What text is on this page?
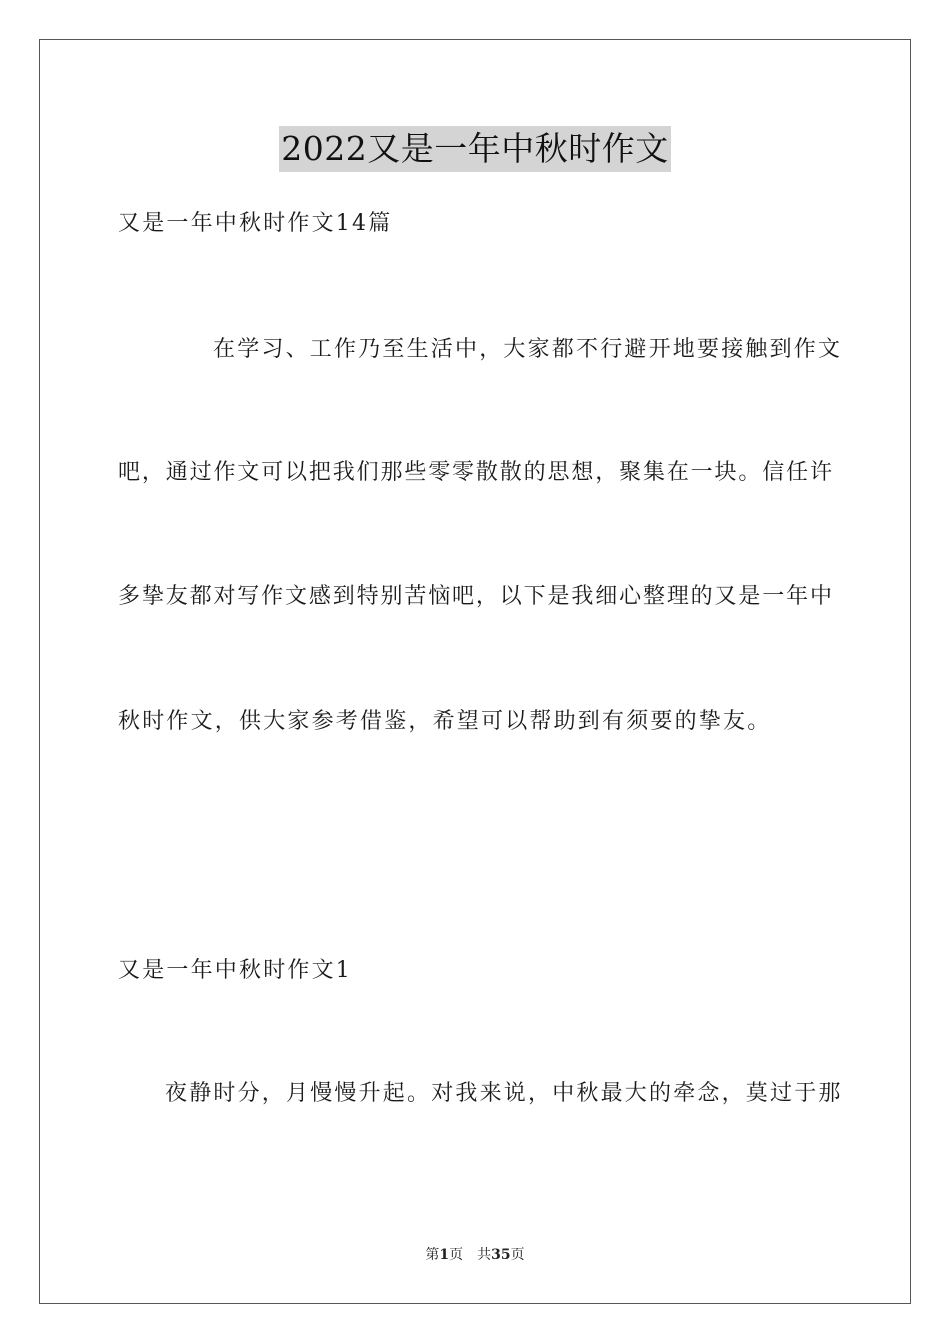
2022又是一年中秋时作文
又是一年中秋时作文14篇
在学习、工作乃至生活中，大家都不行避开地要接触到作文
吧，通过作文可以把我们那些零零散散的思想，聚集在一块。信任许
多挚友都对写作文感到特别苦恼吧，以下是我细心整理的又是一年中
秋时作文，供大家参考借鉴，希望可以帮助到有须要的挚友。
又是一年中秋时作文1
夜静时分，月慢慢升起。对我来说，中秋最大的牵念，莫过于那
第1页　共35页
